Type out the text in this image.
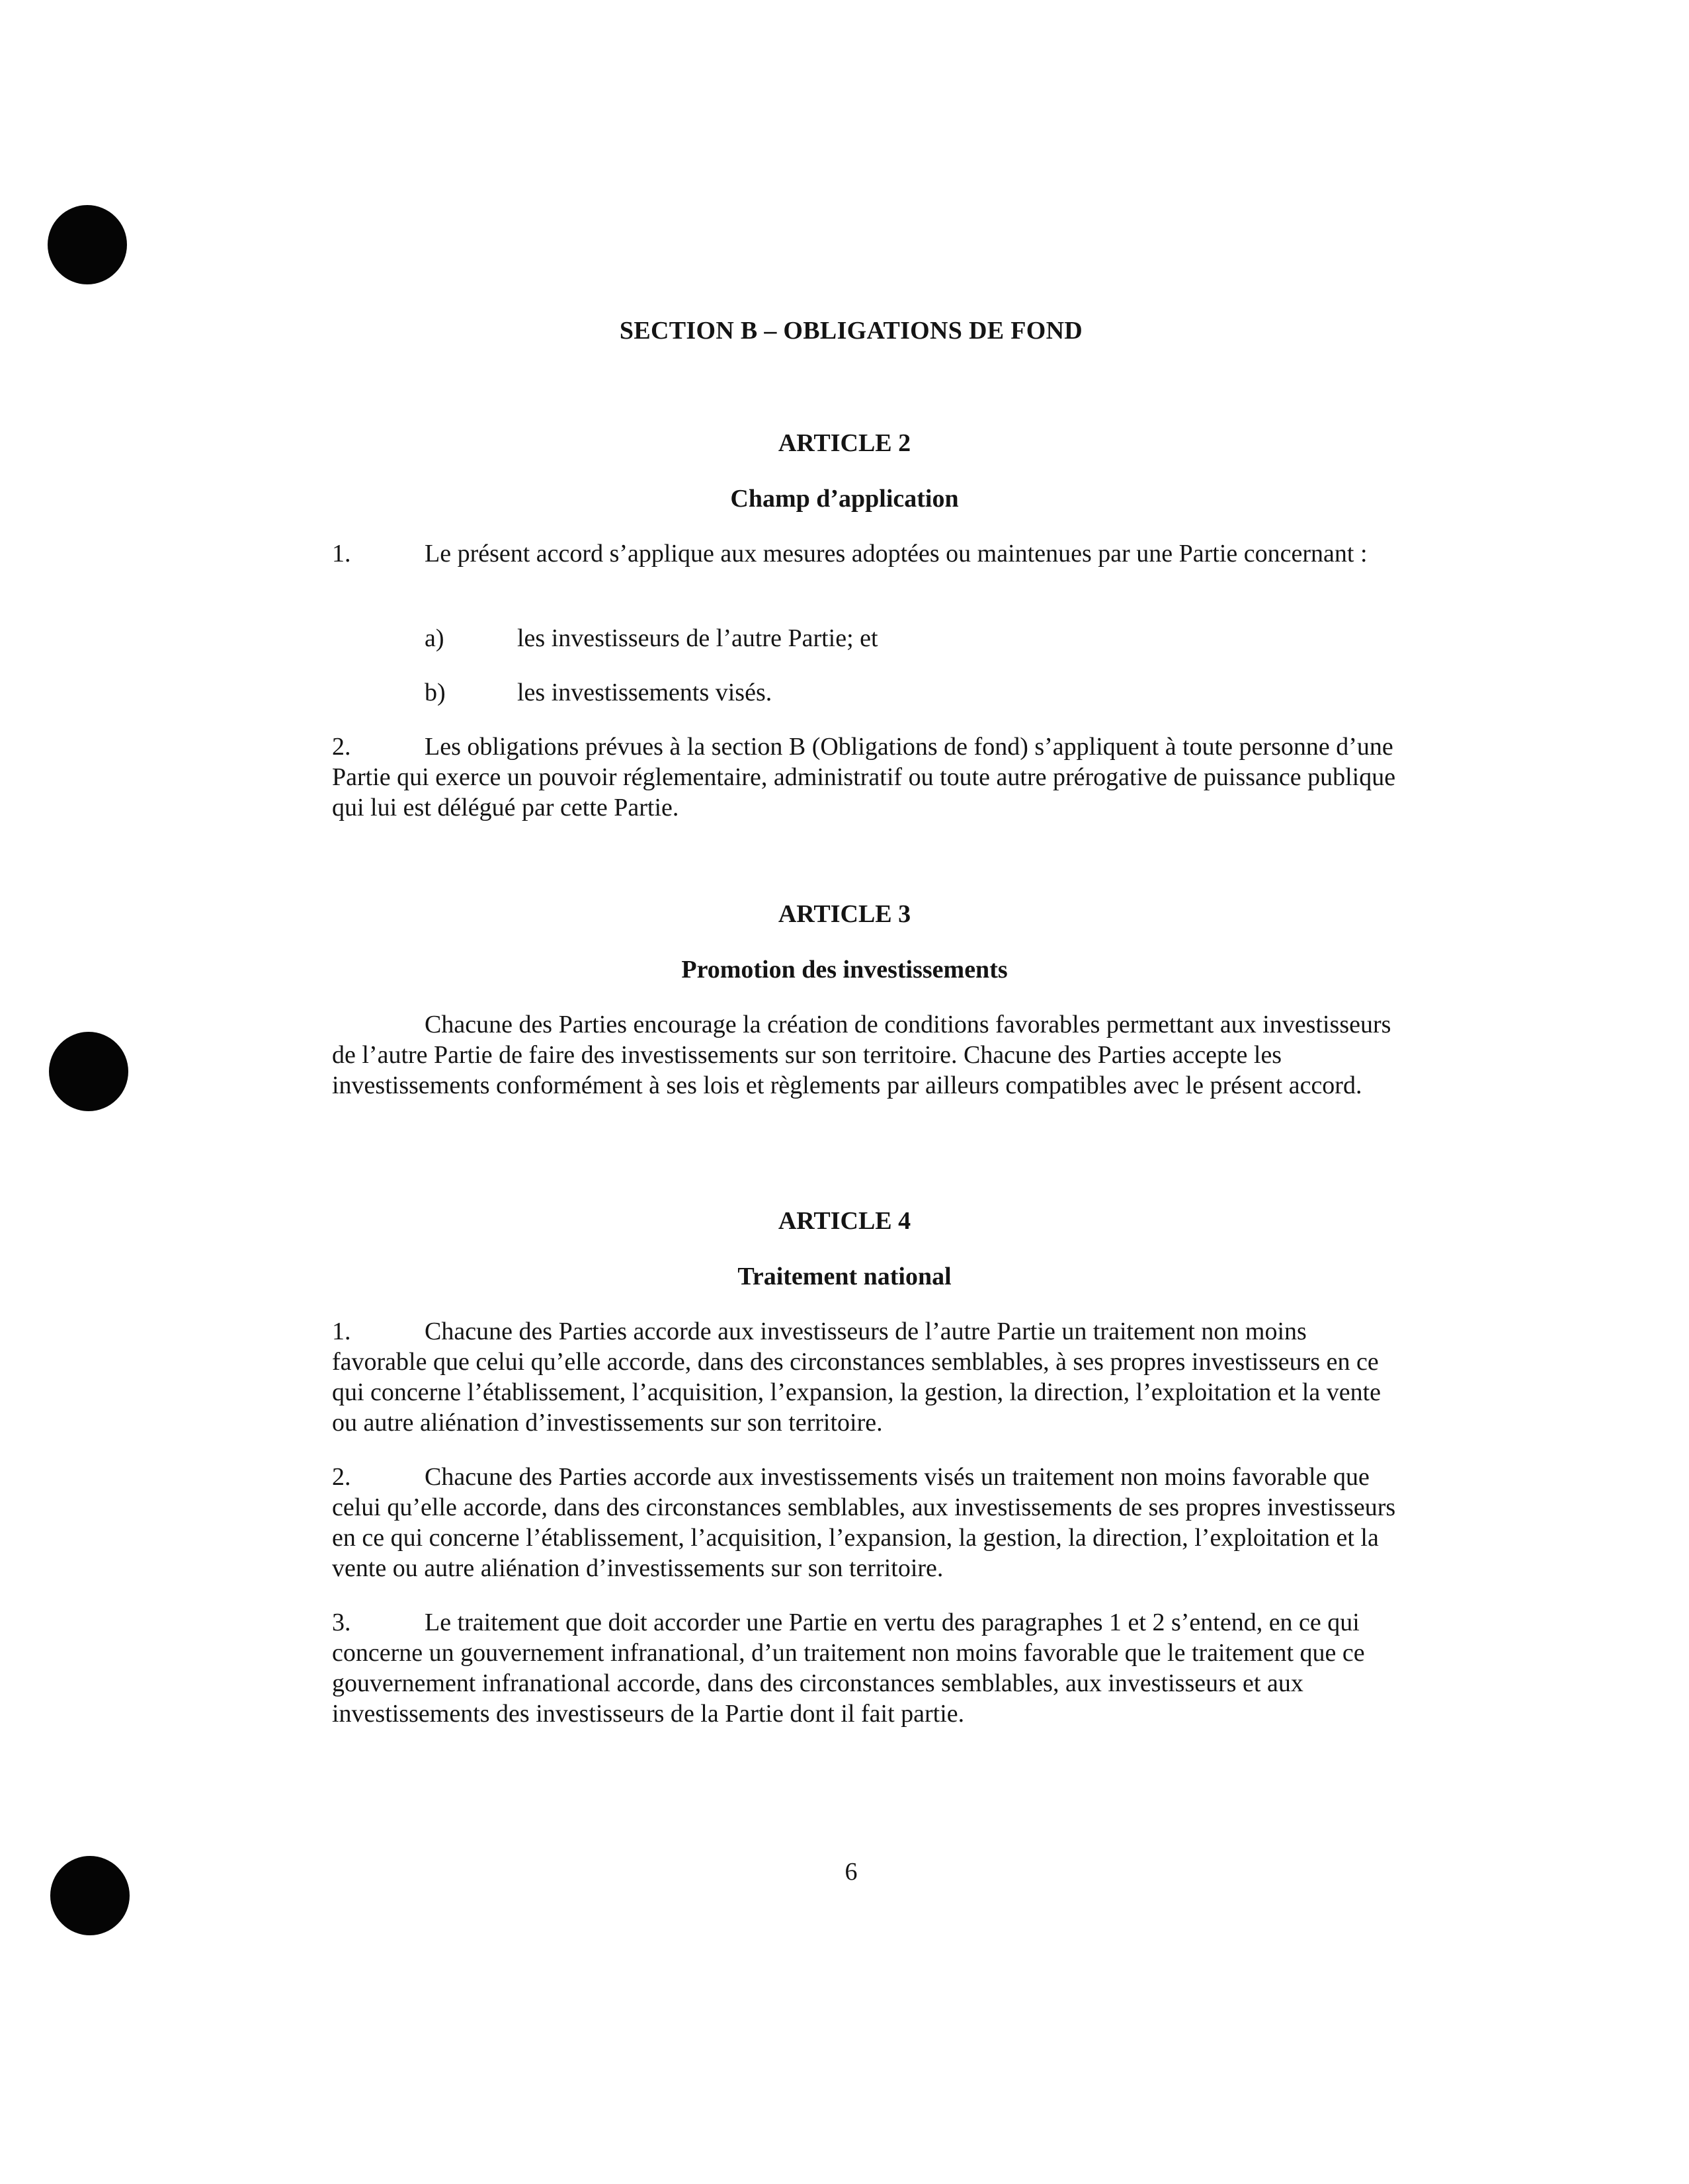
SECTION B – OBLIGATIONS DE FOND
ARTICLE 2
Champ d’application

1.	Le présent accord s’applique aux mesures adoptées ou maintenues par une Partie concernant :

a)	les investisseurs de l’autre Partie; et

b)	les investissements visés.

2.	Les obligations prévues à la section B (Obligations de fond) s’appliquent à toute personne d’une Partie qui exerce un pouvoir réglementaire, administratif ou toute autre prérogative de puissance publique qui lui est délégué par cette Partie.

ARTICLE 3
Promotion des investissements

Chacune des Parties encourage la création de conditions favorables permettant aux investisseurs de l’autre Partie de faire des investissements sur son territoire. Chacune des Parties accepte les investissements conformément à ses lois et règlements par ailleurs compatibles avec le présent accord.

ARTICLE 4
Traitement national

1.	Chacune des Parties accorde aux investisseurs de l’autre Partie un traitement non moins favorable que celui qu’elle accorde, dans des circonstances semblables, à ses propres investisseurs en ce qui concerne l’établissement, l’acquisition, l’expansion, la gestion, la direction, l’exploitation et la vente ou autre aliénation d’investissements sur son territoire.

2.	Chacune des Parties accorde aux investissements visés un traitement non moins favorable que celui qu’elle accorde, dans des circonstances semblables, aux investissements de ses propres investisseurs en ce qui concerne l’établissement, l’acquisition, l’expansion, la gestion, la direction, l’exploitation et la vente ou autre aliénation d’investissements sur son territoire.

3.	Le traitement que doit accorder une Partie en vertu des paragraphes 1 et 2 s’entend, en ce qui concerne un gouvernement infranational, d’un traitement non moins favorable que le traitement que ce gouvernement infranational accorde, dans des circonstances semblables, aux investisseurs et aux investissements des investisseurs de la Partie dont il fait partie.

6
